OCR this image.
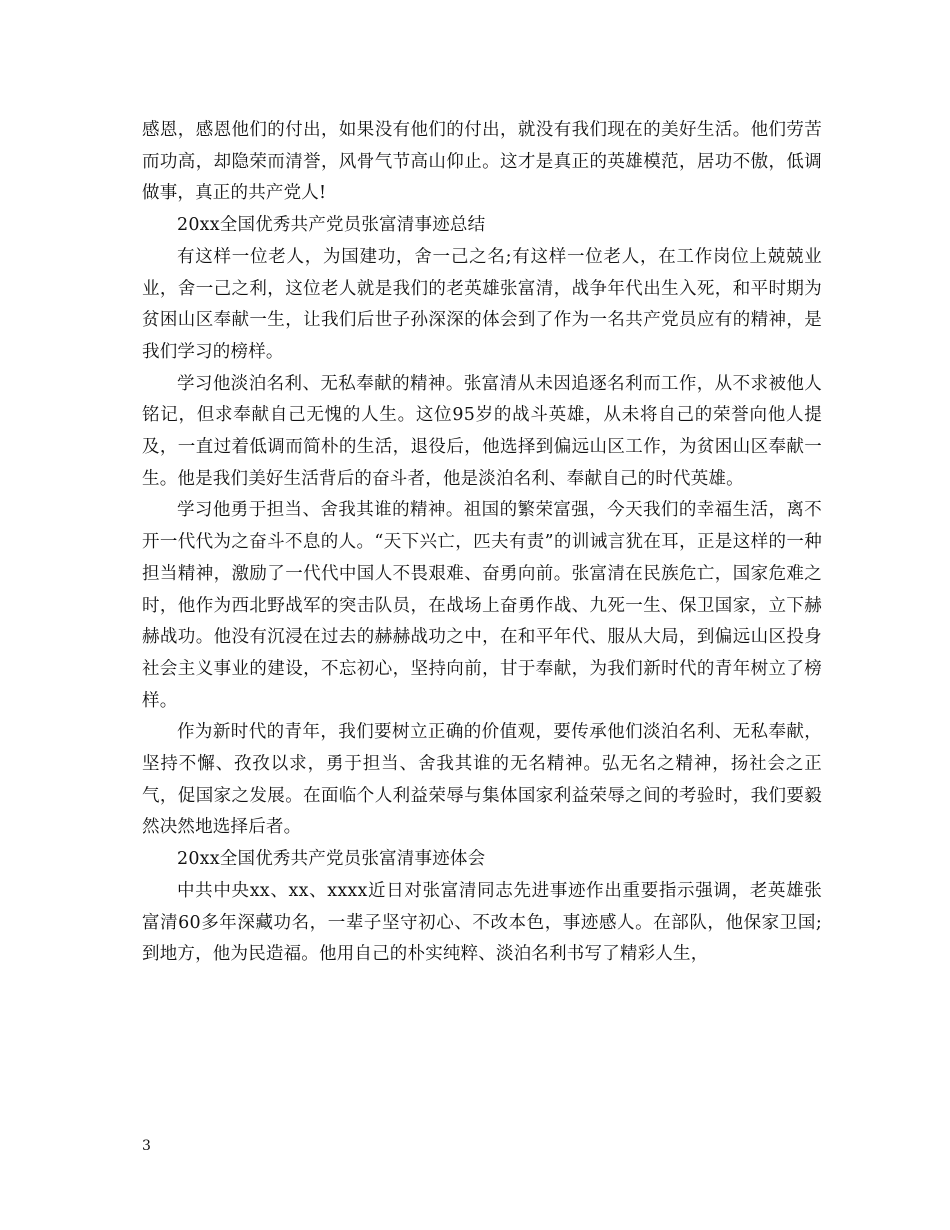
感恩，感恩他们的付出，如果没有他们的付出，就没有我们现在的美好生活。他们劳苦而功高，却隐荣而清誉，风骨气节高山仰止。这才是真正的英雄模范，居功不傲，低调做事，真正的共产党人!

20xx全国优秀共产党员张富清事迹总结

有这样一位老人，为国建功，舍一己之名;有这样一位老人，在工作岗位上兢兢业业，舍一己之利，这位老人就是我们的老英雄张富清，战争年代出生入死，和平时期为贫困山区奉献一生，让我们后世子孙深深的体会到了作为一名共产党员应有的精神，是我们学习的榜样。

学习他淡泊名利、无私奉献的精神。张富清从未因追逐名利而工作，从不求被他人铭记，但求奉献自己无愧的人生。这位95岁的战斗英雄，从未将自己的荣誉向他人提及，一直过着低调而简朴的生活，退役后，他选择到偏远山区工作，为贫困山区奉献一生。他是我们美好生活背后的奋斗者，他是淡泊名利、奉献自己的时代英雄。

学习他勇于担当、舍我其谁的精神。祖国的繁荣富强，今天我们的幸福生活，离不开一代代为之奋斗不息的人。“天下兴亡，匹夫有责”的训诫言犹在耳，正是这样的一种担当精神，激励了一代代中国人不畏艰难、奋勇向前。张富清在民族危亡，国家危难之时，他作为西北野战军的突击队员，在战场上奋勇作战、九死一生、保卫国家，立下赫赫战功。他没有沉浸在过去的赫赫战功之中，在和平年代、服从大局，到偏远山区投身社会主义事业的建设，不忘初心，坚持向前，甘于奉献，为我们新时代的青年树立了榜样。

作为新时代的青年，我们要树立正确的价值观，要传承他们淡泊名利、无私奉献，坚持不懈、孜孜以求，勇于担当、舍我其谁的无名精神。弘无名之精神，扬社会之正气，促国家之发展。在面临个人利益荣辱与集体国家利益荣辱之间的考验时，我们要毅然决然地选择后者。

20xx全国优秀共产党员张富清事迹体会

中共中央xx、xx、xxxx近日对张富清同志先进事迹作出重要指示强调，老英雄张富清60多年深藏功名，一辈子坚守初心、不改本色，事迹感人。在部队，他保家卫国;到地方，他为民造福。他用自己的朴实纯粹、淡泊名利书写了精彩人生，

3
